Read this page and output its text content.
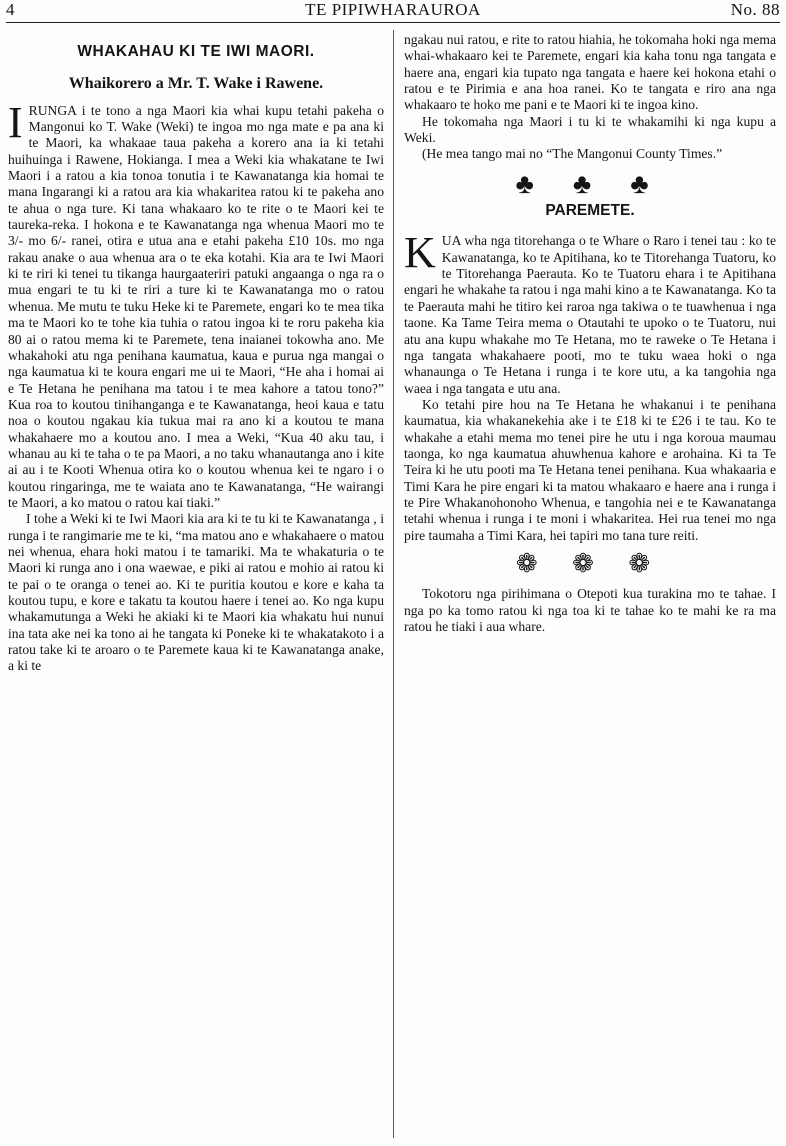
TE PIPIWHARAUROA
4	No. 88
WHAKAHAU KI TE IWI MAORI.
Whaikorero a Mr. T. Wake i Rawene.

IRUNGA i te tono a nga Maori kia whai kupu tetahi pakeha o Mangonui ko T. Wake (Weki) te ingoa mo nga mate e pa ana ki te Maori, ka whakaae taua pakeha a korero ana ia ki tetahi huihuinga i Rawene, Hokianga. I mea a Weki kia whakatane te Iwi Maori i a ratou a kia tonoa tonutia i te Kawanatanga kia homai te mana Ingarangi ki a ratou ara kia whakaritea ratou ki te pakeha ano te ahua o nga ture. Ki tana whakaaro ko te rite o te Maori kei te taureka-reka. I hokona e te Kawanatanga nga whenua Maori mo te 3/- mo 6/- ranei, otira e utua ana e etahi pakeha £10 10s. mo nga rakau anake o aua whenua ara o te eka kotahi. Kia ara te Iwi Maori ki te riri ki tenei tu tikanga haurgaateriri patuki angaanga o nga ra o mua engari te tu ki te riri a ture ki te Kawanatanga mo o ratou whenua. Me mutu te tuku Heke ki te Paremete, engari ko te mea tika ma te Maori ko te tohe kia tuhia o ratou ingoa ki te roru pakeha kia 80 ai o ratou mema ki te Paremete, tena inaianei tokowha ano. Me whakahoki atu nga penihana kaumatua, kaua e purua nga mangai o nga kaumatua ki te koura engari me ui te Maori, “He aha i homai ai e Te Hetana he penihana ma tatou i te mea kahore a tatou tono?” Kua roa to koutou tinihanganga e te Kawanatanga, heoi kaua e tatu noa o koutou ngakau kia tukua mai ra ano ki a koutou te mana whakahaere mo a koutou ano. I mea a Weki, “Kua 40 aku tau, i whanau au ki te taha o te pa Maori, a no taku whanautanga ano i kite ai au i te Kooti Whenua otira ko o koutou whenua kei te ngaro i o koutou ringaringa, me te waiata ano te Kawanatanga, “He wairangi te Maori, a ko matou o ratou kai tiaki.”

I tohe a Weki ki te Iwi Maori kia ara ki te tu ki te Kawanatanga , i runga i te rangimarie me te ki, “ma matou ano e whakahaere o matou nei whenua, ehara hoki matou i te tamariki. Ma te whakaturia o te Maori ki runga ano i ona waewae, e piki ai ratou e mohio ai ratou ki te pai o te oranga o tenei ao. Ki te puritia koutou e kore e kaha ta koutou tupu, e kore e takatu ta koutou haere i tenei ao. Ko nga kupu whakamutunga a Weki he akiaki ki te Maori kia whakatu hui nunui ina tata ake nei ka tono ai he tangata ki Poneke ki te whakatakoto i a ratou take ki te aroaro o te Paremete kaua ki te Kawanatanga anake, a ki te

ngakau nui ratou, e rite to ratou hiahia, he tokomaha hoki nga mema whai-whakaaro kei te Paremete, engari kia kaha tonu nga tangata e haere ana, engari kia tupato nga tangata e haere kei hokona etahi o ratou e te Pirimia e ana hoa ranei. Ko te tangata e riro ana nga whakaaro te hoko me pani e te Maori ki te ingoa kino.

He tokomaha nga Maori i tu ki te whakamihi ki nga kupu a Weki.

(He mea tango mai no “The Mangonui County Times.”

♣ ♣ ♣
PAREMETE.

KUA wha nga titorehanga o te Whare o Raro i tenei tau : ko te Kawanatanga, ko te Apitihana, ko te Titorehanga Tuatoru, ko te Titorehanga Paerauta. Ko te Tuatoru ehara i te Apitihana engari he whakahe ta ratou i nga mahi kino a te Kawanatanga. Ko ta te Paerauta mahi he titiro kei raroa nga takiwa o te tuawhenua i nga taone. Ka Tame Teira mema o Otautahi te upoko o te Tuatoru, nui atu ana kupu whakahe mo Te Hetana, mo te raweke o Te Hetana i nga tangata whakahaere pooti, mo te tuku waea hoki o nga whanaunga o Te Hetana i runga i te kore utu, a ka tangohia nga waea i nga tangata e utu ana.

Ko tetahi pire hou na Te Hetana he whakanui i te penihana kaumatua, kia whakanekehia ake i te £18 ki te £26 i te tau. Ko te whakahe a etahi mema mo tenei pire he utu i nga koroua maumau taonga, ko nga kaumatua ahuwhenua kahore e arohaina. Ki ta Te Teira ki he utu pooti ma Te Hetana tenei penihana. Kua whakaaria e Timi Kara he pire engari ki ta matou whakaaro e haere ana i runga i te Pire Whakanohonoho Whenua, e tangohia nei e te Kawanatanga tetahi whenua i runga i te moni i whakaritea. Hei rua tenei mo nga pire taumaha a Timi Kara, hei tapiri mo tana ture reiti.

❁ ❁ ❁

Tokotoru nga pirihimana o Otepoti kua turakina mo te tahae. I nga po ka tomo ratou ki nga toa ki te tahae ko te mahi ke ra ma ratou he tiaki i aua whare.
